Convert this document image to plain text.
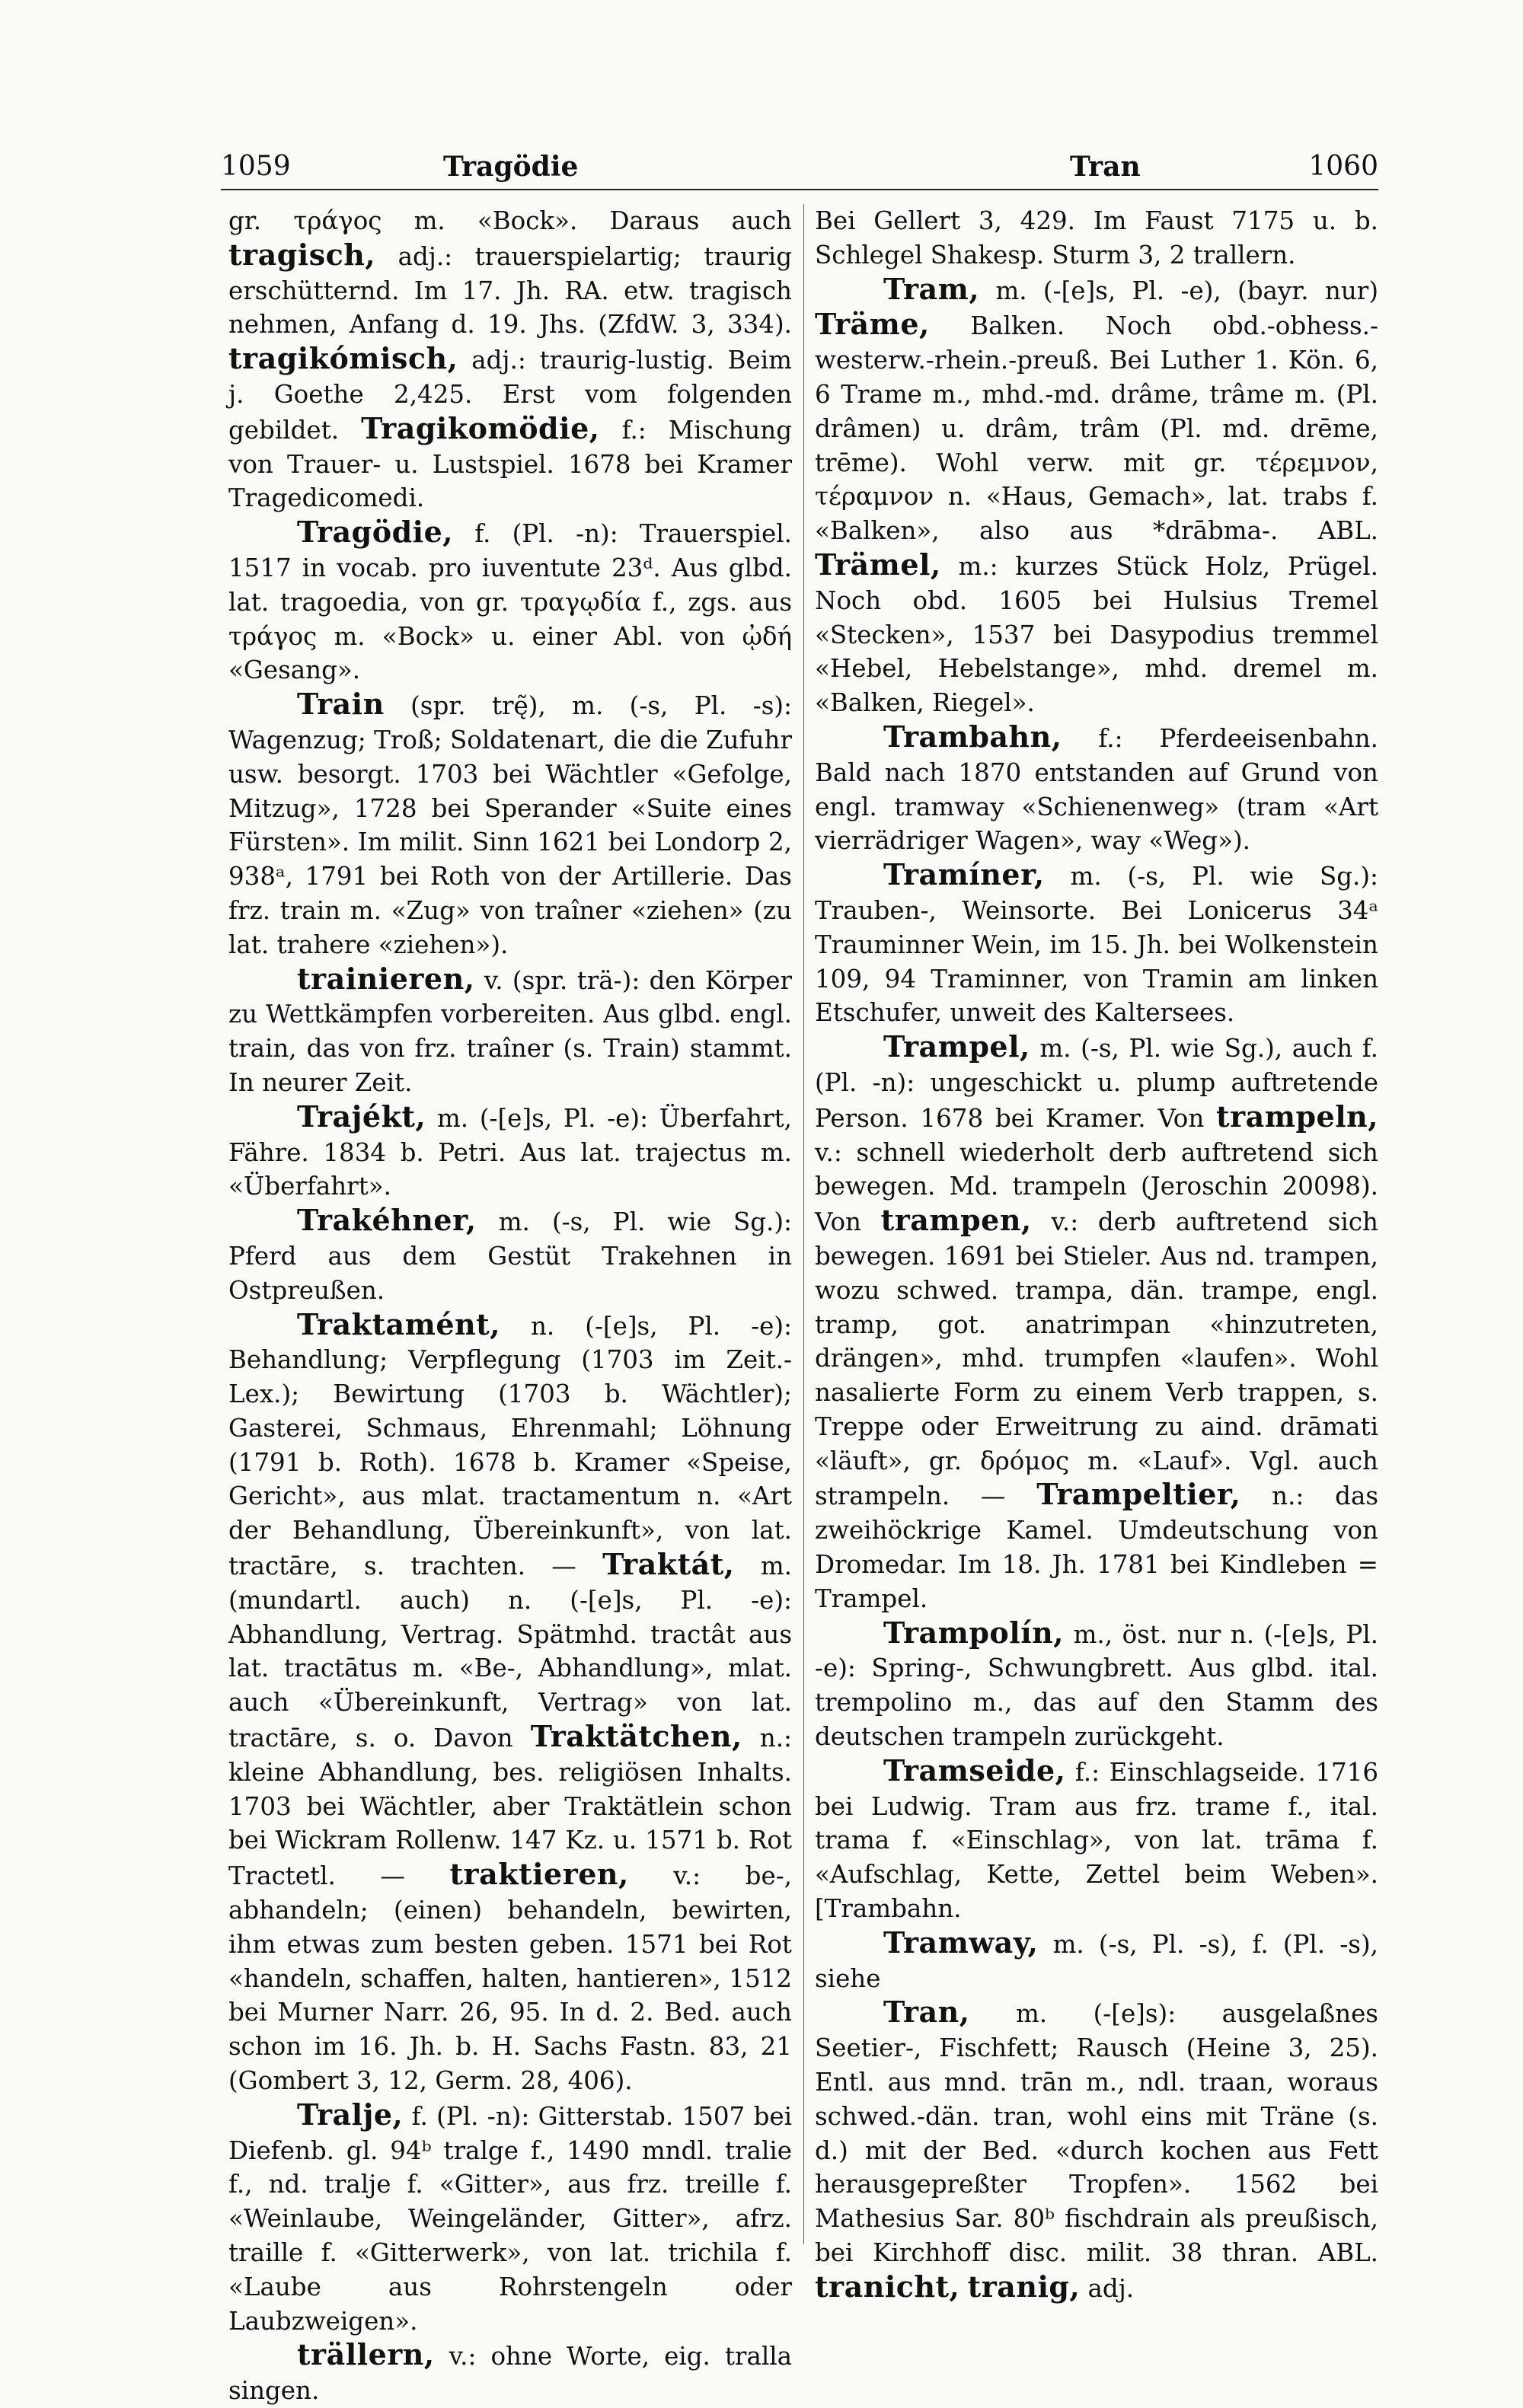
1059	Tragödie	Tran	1060

gr. τράγος m. «Bock». Daraus auch tragisch, adj.: trauerspielartig; traurig erschütternd. Im 17. Jh. RA. etw. tragisch nehmen, Anfang d. 19. Jhs. (ZfdW. 3, 334). tragikómisch, adj.: traurig-lustig. Beim j. Goethe 2,425. Erst vom folgenden gebildet. Tragikomödie, f.: Mischung von Trauer- u. Lustspiel. 1678 bei Kramer Tragedicomedi.

Tragödie, f. (Pl. -n): Trauerspiel. 1517 in vocab. pro iuventute 23ᵈ. Aus glbd. lat. tragoedia, von gr. τραγῳδία f., zgs. aus τράγος m. «Bock» u. einer Abl. von ᾠδή «Gesang».

Train (spr. trę̃), m. (-s, Pl. -s): Wagenzug; Troß; Soldatenart, die die Zufuhr usw. besorgt. 1703 bei Wächtler «Gefolge, Mitzug», 1728 bei Sperander «Suite eines Fürsten». Im milit. Sinn 1621 bei Londorp 2, 938ᵃ, 1791 bei Roth von der Artillerie. Das frz. train m. «Zug» von traîner «ziehen» (zu lat. trahere «ziehen»).

trainieren, v. (spr. trä-): den Körper zu Wettkämpfen vorbereiten. Aus glbd. engl. train, das von frz. traîner (s. Train) stammt. In neurer Zeit.

Trajékt, m. (-[e]s, Pl. -e): Überfahrt, Fähre. 1834 b. Petri. Aus lat. trajectus m. «Überfahrt».

Trakéhner, m. (-s, Pl. wie Sg.): Pferd aus dem Gestüt Trakehnen in Ostpreußen.

Traktamént, n. (-[e]s, Pl. -e): Behandlung; Verpflegung (1703 im Zeit.-Lex.); Bewirtung (1703 b. Wächtler); Gasterei, Schmaus, Ehrenmahl; Löhnung (1791 b. Roth). 1678 b. Kramer «Speise, Gericht», aus mlat. tractamentum n. «Art der Behandlung, Übereinkunft», von lat. tractāre, s. trachten. — Traktát, m. (mundartl. auch) n. (-[e]s, Pl. -e): Abhandlung, Vertrag. Spätmhd. tractât aus lat. tractātus m. «Be-, Abhandlung», mlat. auch «Übereinkunft, Vertrag» von lat. tractāre, s. o. Davon Traktätchen, n.: kleine Abhandlung, bes. religiösen Inhalts. 1703 bei Wächtler, aber Traktätlein schon bei Wickram Rollenw. 147 Kz. u. 1571 b. Rot Tractetl. — traktieren, v.: be-, abhandeln; (einen) behandeln, bewirten, ihm etwas zum besten geben. 1571 bei Rot «handeln, schaffen, halten, hantieren», 1512 bei Murner Narr. 26, 95. In d. 2. Bed. auch schon im 16. Jh. b. H. Sachs Fastn. 83, 21 (Gombert 3, 12, Germ. 28, 406).

Tralje, f. (Pl. -n): Gitterstab. 1507 bei Diefenb. gl. 94ᵇ tralge f., 1490 mndl. tralie f., nd. tralje f. «Gitter», aus frz. treille f. «Weinlaube, Weingeländer, Gitter», afrz. traille f. «Gitterwerk», von lat. trichila f. «Laube aus Rohrstengeln oder Laubzweigen».

trällern, v.: ohne Worte, eig. tralla singen.

Bei Gellert 3, 429. Im Faust 7175 u. b. Schlegel Shakesp. Sturm 3, 2 trallern.

Tram, m. (-[e]s, Pl. -e), (bayr. nur) Träme, Balken. Noch obd.-obhess.-westerw.-rhein.-preuß. Bei Luther 1. Kön. 6, 6 Trame m., mhd.-md. drâme, trâme m. (Pl. drâmen) u. drâm, trâm (Pl. md. drēme, trēme). Wohl verw. mit gr. τέρεμνον, τέραμνον n. «Haus, Gemach», lat. trabs f. «Balken», also aus *drābma-. ABL. Trämel, m.: kurzes Stück Holz, Prügel. Noch obd. 1605 bei Hulsius Tremel «Stecken», 1537 bei Dasypodius tremmel «Hebel, Hebelstange», mhd. dremel m. «Balken, Riegel».

Trambahn, f.: Pferdeeisenbahn. Bald nach 1870 entstanden auf Grund von engl. tramway «Schienenweg» (tram «Art vierrädriger Wagen», way «Weg»).

Tramíner, m. (-s, Pl. wie Sg.): Trauben-, Weinsorte. Bei Lonicerus 34ᵃ Trauminner Wein, im 15. Jh. bei Wolkenstein 109, 94 Traminner, von Tramin am linken Etschufer, unweit des Kaltersees.

Trampel, m. (-s, Pl. wie Sg.), auch f. (Pl. -n): ungeschickt u. plump auftretende Person. 1678 bei Kramer. Von trampeln, v.: schnell wiederholt derb auftretend sich bewegen. Md. trampeln (Jeroschin 20098). Von trampen, v.: derb auftretend sich bewegen. 1691 bei Stieler. Aus nd. trampen, wozu schwed. trampa, dän. trampe, engl. tramp, got. anatrimpan «hinzutreten, drängen», mhd. trumpfen «laufen». Wohl nasalierte Form zu einem Verb trappen, s. Treppe oder Erweitrung zu aind. drāmati «läuft», gr. δρόμος m. «Lauf». Vgl. auch strampeln. — Trampeltier, n.: das zweihöckrige Kamel. Umdeutschung von Dromedar. Im 18. Jh. 1781 bei Kindleben = Trampel.

Trampolín, m., öst. nur n. (-[e]s, Pl. -e): Spring-, Schwungbrett. Aus glbd. ital. trempolino m., das auf den Stamm des deutschen trampeln zurückgeht.

Tramseide, f.: Einschlagseide. 1716 bei Ludwig. Tram aus frz. trame f., ital. trama f. «Einschlag», von lat. trāma f. «Aufschlag, Kette, Zettel beim Weben». [Trambahn.

Tramway, m. (-s, Pl. -s), f. (Pl. -s), siehe

Tran, m. (-[e]s): ausgelaßnes Seetier-, Fischfett; Rausch (Heine 3, 25). Entl. aus mnd. trān m., ndl. traan, woraus schwed.-dän. tran, wohl eins mit Träne (s. d.) mit der Bed. «durch kochen aus Fett herausgepreßter Tropfen». 1562 bei Mathesius Sar. 80ᵇ fischdrain als preußisch, bei Kirchhoff disc. milit. 38 thran. ABL. tranicht, tranig, adj.
